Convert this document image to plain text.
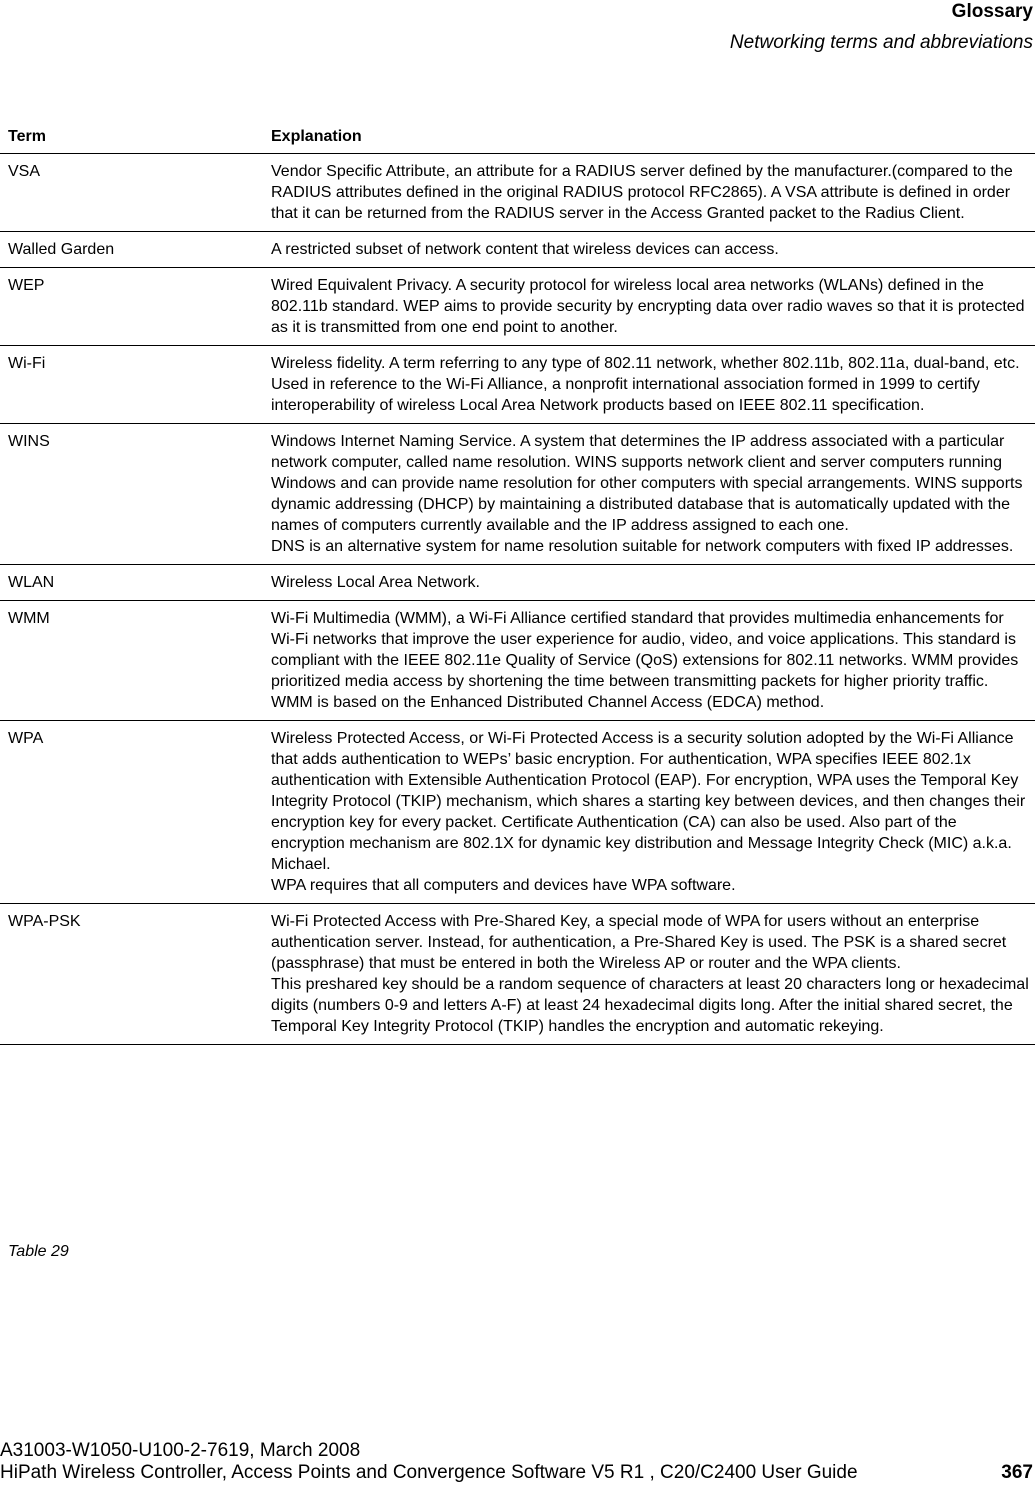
Glossary
Networking terms and abbreviations
Term	Explanation
VSA	Vendor Specific Attribute, an attribute for a RADIUS server defined by the manufacturer.(compared to the RADIUS attributes defined in the original RADIUS protocol RFC2865). A VSA attribute is defined in order that it can be returned from the RADIUS server in the Access Granted packet to the Radius Client.

Walled Garden	A restricted subset of network content that wireless devices can access.

WEP	Wired Equivalent Privacy. A security protocol for wireless local area networks (WLANs) defined in the 802.11b standard. WEP aims to provide security by encrypting data over radio waves so that it is protected as it is transmitted from one end point to another.

Wi-Fi	Wireless fidelity. A term referring to any type of 802.11 network, whether 802.11b, 802.11a, dual-band, etc. Used in reference to the Wi-Fi Alliance, a nonprofit international association formed in 1999 to certify interoperability of wireless Local Area Network products based on IEEE 802.11 specification.

WINS	Windows Internet Naming Service. A system that determines the IP address associated with a particular network computer, called name resolution. WINS supports network client and server computers running Windows and can provide name resolution for other computers with special arrangements. WINS supports dynamic addressing (DHCP) by maintaining a distributed database that is automatically updated with the names of computers currently available and the IP address assigned to each one.
DNS is an alternative system for name resolution suitable for network computers with fixed IP addresses.

WLAN	Wireless Local Area Network.

WMM	Wi-Fi Multimedia (WMM), a Wi-Fi Alliance certified standard that provides multimedia enhancements for Wi-Fi networks that improve the user experience for audio, video, and voice applications. This standard is compliant with the IEEE 802.11e Quality of Service (QoS) extensions for 802.11 networks. WMM provides prioritized media access by shortening the time between transmitting packets for higher priority traffic. WMM is based on the Enhanced Distributed Channel Access (EDCA) method.

WPA	Wireless Protected Access, or Wi-Fi Protected Access is a security solution adopted by the Wi-Fi Alliance that adds authentication to WEPs’ basic encryption. For authentication, WPA specifies IEEE 802.1x authentication with Extensible Authentication Protocol (EAP). For encryption, WPA uses the Temporal Key Integrity Protocol (TKIP) mechanism, which shares a starting key between devices, and then changes their encryption key for every packet. Certificate Authentication (CA) can also be used. Also part of the encryption mechanism are 802.1X for dynamic key distribution and Message Integrity Check (MIC) a.k.a. Michael.
WPA requires that all computers and devices have WPA software.

WPA-PSK	Wi-Fi Protected Access with Pre-Shared Key, a special mode of WPA for users without an enterprise authentication server. Instead, for authentication, a Pre-Shared Key is used. The PSK is a shared secret (passphrase) that must be entered in both the Wireless AP or router and the WPA clients.
This preshared key should be a random sequence of characters at least 20 characters long or hexadecimal digits (numbers 0-9 and letters A-F) at least 24 hexadecimal digits long. After the initial shared secret, the Temporal Key Integrity Protocol (TKIP) handles the encryption and automatic rekeying.
Table 29
A31003-W1050-U100-2-7619, March 2008
HiPath Wireless Controller, Access Points and Convergence Software V5 R1 , C20/C2400 User Guide	367
